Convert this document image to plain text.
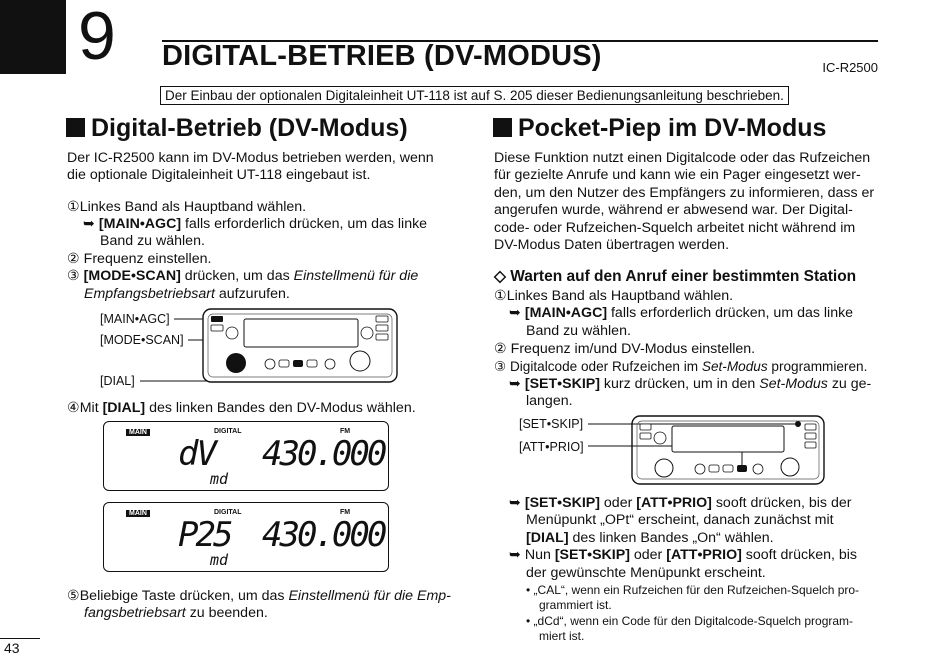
9 DIGITAL-BETRIEB (DV-MODUS)	IC-R2500
Der Einbau der optionalen Digitaleinheit UT-118 ist auf S. 205 dieser Bedienungsanleitung beschrieben.
Digital-Betrieb (DV-Modus)
Der IC-R2500 kann im DV-Modus betrieben werden, wenn
die optionale Digitaleinheit UT-118 eingebaut ist.
①Linkes Band als Hauptband wählen.
➥ [MAIN•AGC] falls erforderlich drücken, um das linke
Band zu wählen.
② Frequenz einstellen.
③ [MODE•SCAN] drücken, um das Einstellmenü für die
Empfangsbetriebsart aufzurufen.
[MAIN•AGC]
[MODE•SCAN]
[DIAL]
④Mit [DIAL] des linken Bandes den DV-Modus wählen.
MAIN	DIGITAL	FM
dV 430.000
md
MAIN	DIGITAL	FM
P25 430.000
md
⑤Beliebige Taste drücken, um das Einstellmenü für die Emp-
fangsbetriebsart zu beenden.
Pocket-Piep im DV-Modus
Diese Funktion nutzt einen Digitalcode oder das Rufzeichen
für gezielte Anrufe und kann wie ein Pager eingesetzt wer-
den, um den Nutzer des Empfängers zu informieren, dass er
angerufen wurde, während er abwesend war. Der Digital-
code- oder Rufzeichen-Squelch arbeitet nicht während im
DV-Modus Daten übertragen werden.
◇ Warten auf den Anruf einer bestimmten Station
①Linkes Band als Hauptband wählen.
➥ [MAIN•AGC] falls erforderlich drücken, um das linke
Band zu wählen.
② Frequenz im/und DV-Modus einstellen.
③ Digitalcode oder Rufzeichen im Set-Modus programmieren.
➥ [SET•SKIP] kurz drücken, um in den Set-Modus zu ge-
langen.
[SET•SKIP]
[ATT•PRIO]
➥ [SET•SKIP] oder [ATT•PRIO] sooft drücken, bis der
Menüpunkt „OPt“ erscheint, danach zunächst mit
[DIAL] des linken Bandes „On“ wählen.
➥ Nun [SET•SKIP] oder [ATT•PRIO] sooft drücken, bis
der gewünschte Menüpunkt erscheint.
• „CAL“, wenn ein Rufzeichen für den Rufzeichen-Squelch pro-
grammiert ist.
• „dCd“, wenn ein Code für den Digitalcode-Squelch program-
miert ist.
43
